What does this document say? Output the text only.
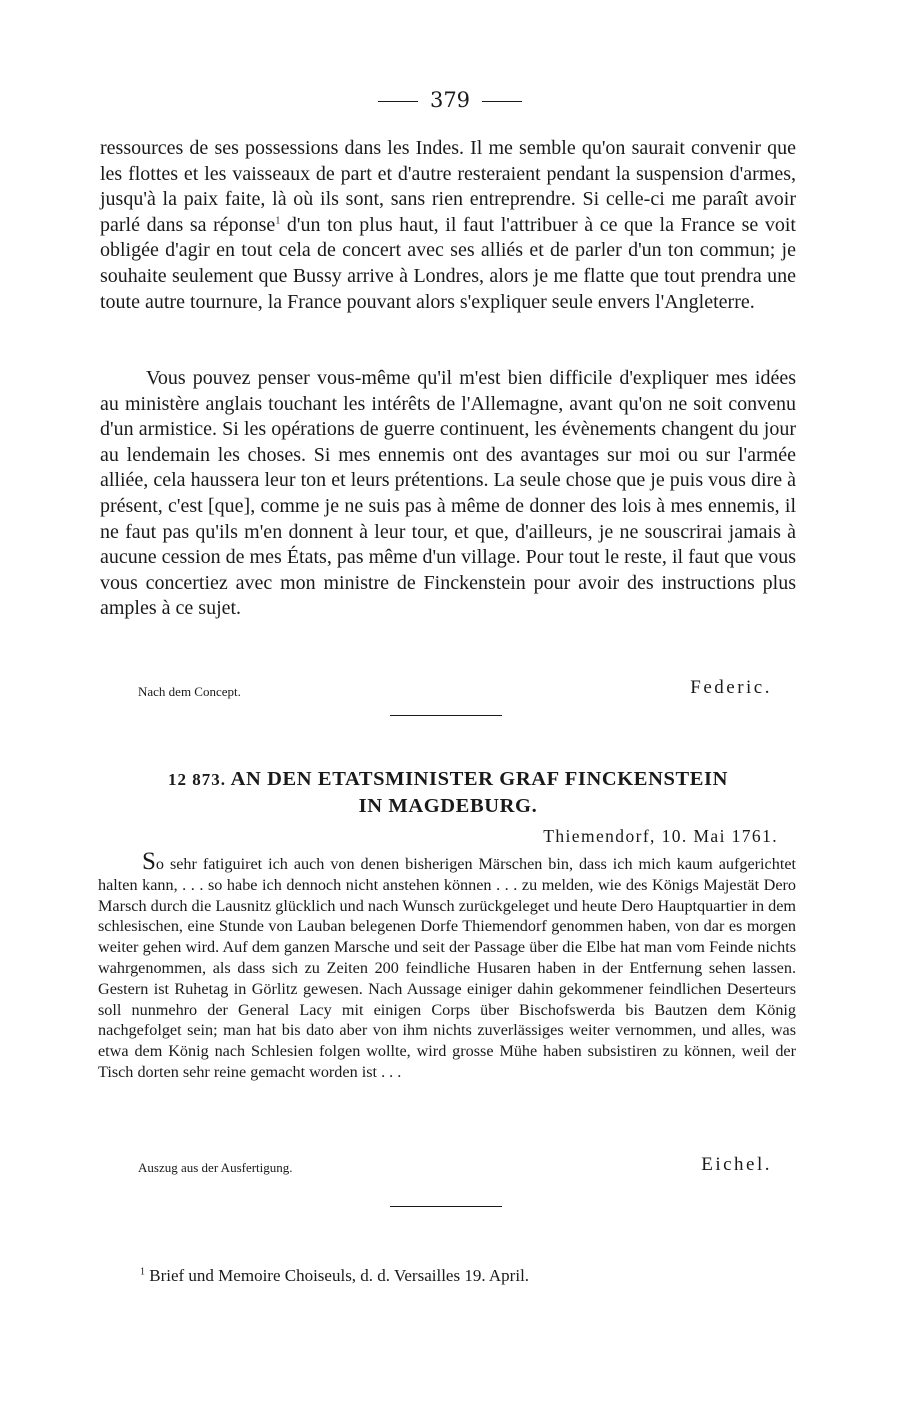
379

ressources de ses possessions dans les Indes. Il me semble qu'on saurait convenir que les flottes et les vaisseaux de part et d'autre resteraient pendant la suspension d'armes, jusqu'à la paix faite, là où ils sont, sans rien entreprendre. Si celle-ci me paraît avoir parlé dans sa réponse$^1$ d'un ton plus haut, il faut l'attribuer à ce que la France se voit obligée d'agir en tout cela de concert avec ses alliés et de parler d'un ton commun; je souhaite seulement que Bussy arrive à Londres, alors je me flatte que tout prendra une toute autre tournure, la France pouvant alors s'expliquer seule envers l'Angleterre.

Vous pouvez penser vous-même qu'il m'est bien difficile d'expliquer mes idées au ministère anglais touchant les intérêts de l'Allemagne, avant qu'on ne soit convenu d'un armistice. Si les opérations de guerre continuent, les évènements changent du jour au lendemain les choses. Si mes ennemis ont des avantages sur moi ou sur l'armée alliée, cela haussera leur ton et leurs prétentions. La seule chose que je puis vous dire à présent, c'est [que], comme je ne suis pas à même de donner des lois à mes ennemis, il ne faut pas qu'ils m'en donnent à leur tour, et que, d'ailleurs, je ne souscrirai jamais à aucune cession de mes États, pas même d'un village. Pour tout le reste, il faut que vous vous concertiez avec mon ministre de Finckenstein pour avoir des instructions plus amples à ce sujet.

Nach dem Concept.	Federic.

12 873. AN DEN ETATSMINISTER GRAF FINCKENSTEIN
IN MAGDEBURG.

Thiemendorf, 10. Mai 1761.

So sehr fatiguiret ich auch von denen bisherigen Märschen bin, dass ich mich kaum aufgerichtet halten kann, . . . so habe ich dennoch nicht anstehen können . . . zu melden, wie des Königs Majestät Dero Marsch durch die Lausnitz glücklich und nach Wunsch zurückgeleget und heute Dero Hauptquartier in dem schlesischen, eine Stunde von Lauban belegenen Dorfe Thiemendorf genommen haben, von dar es morgen weiter gehen wird. Auf dem ganzen Marsche und seit der Passage über die Elbe hat man vom Feinde nichts wahrgenommen, als dass sich zu Zeiten 200 feindliche Husaren haben in der Entfernung sehen lassen. Gestern ist Ruhetag in Görlitz gewesen. Nach Aussage einiger dahin gekommener feindlichen Deserteurs soll nunmehro der General Lacy mit einigen Corps über Bischofswerda bis Bautzen dem König nachgefolget sein; man hat bis dato aber von ihm nichts zuverlässiges weiter vernommen, und alles, was etwa dem König nach Schlesien folgen wollte, wird grosse Mühe haben subsistiren zu können, weil der Tisch dorten sehr reine gemacht worden ist . . .

Auszug aus der Ausfertigung.	Eichel.

$^1$ Brief und Memoire Choiseuls, d. d. Versailles 19. April.
